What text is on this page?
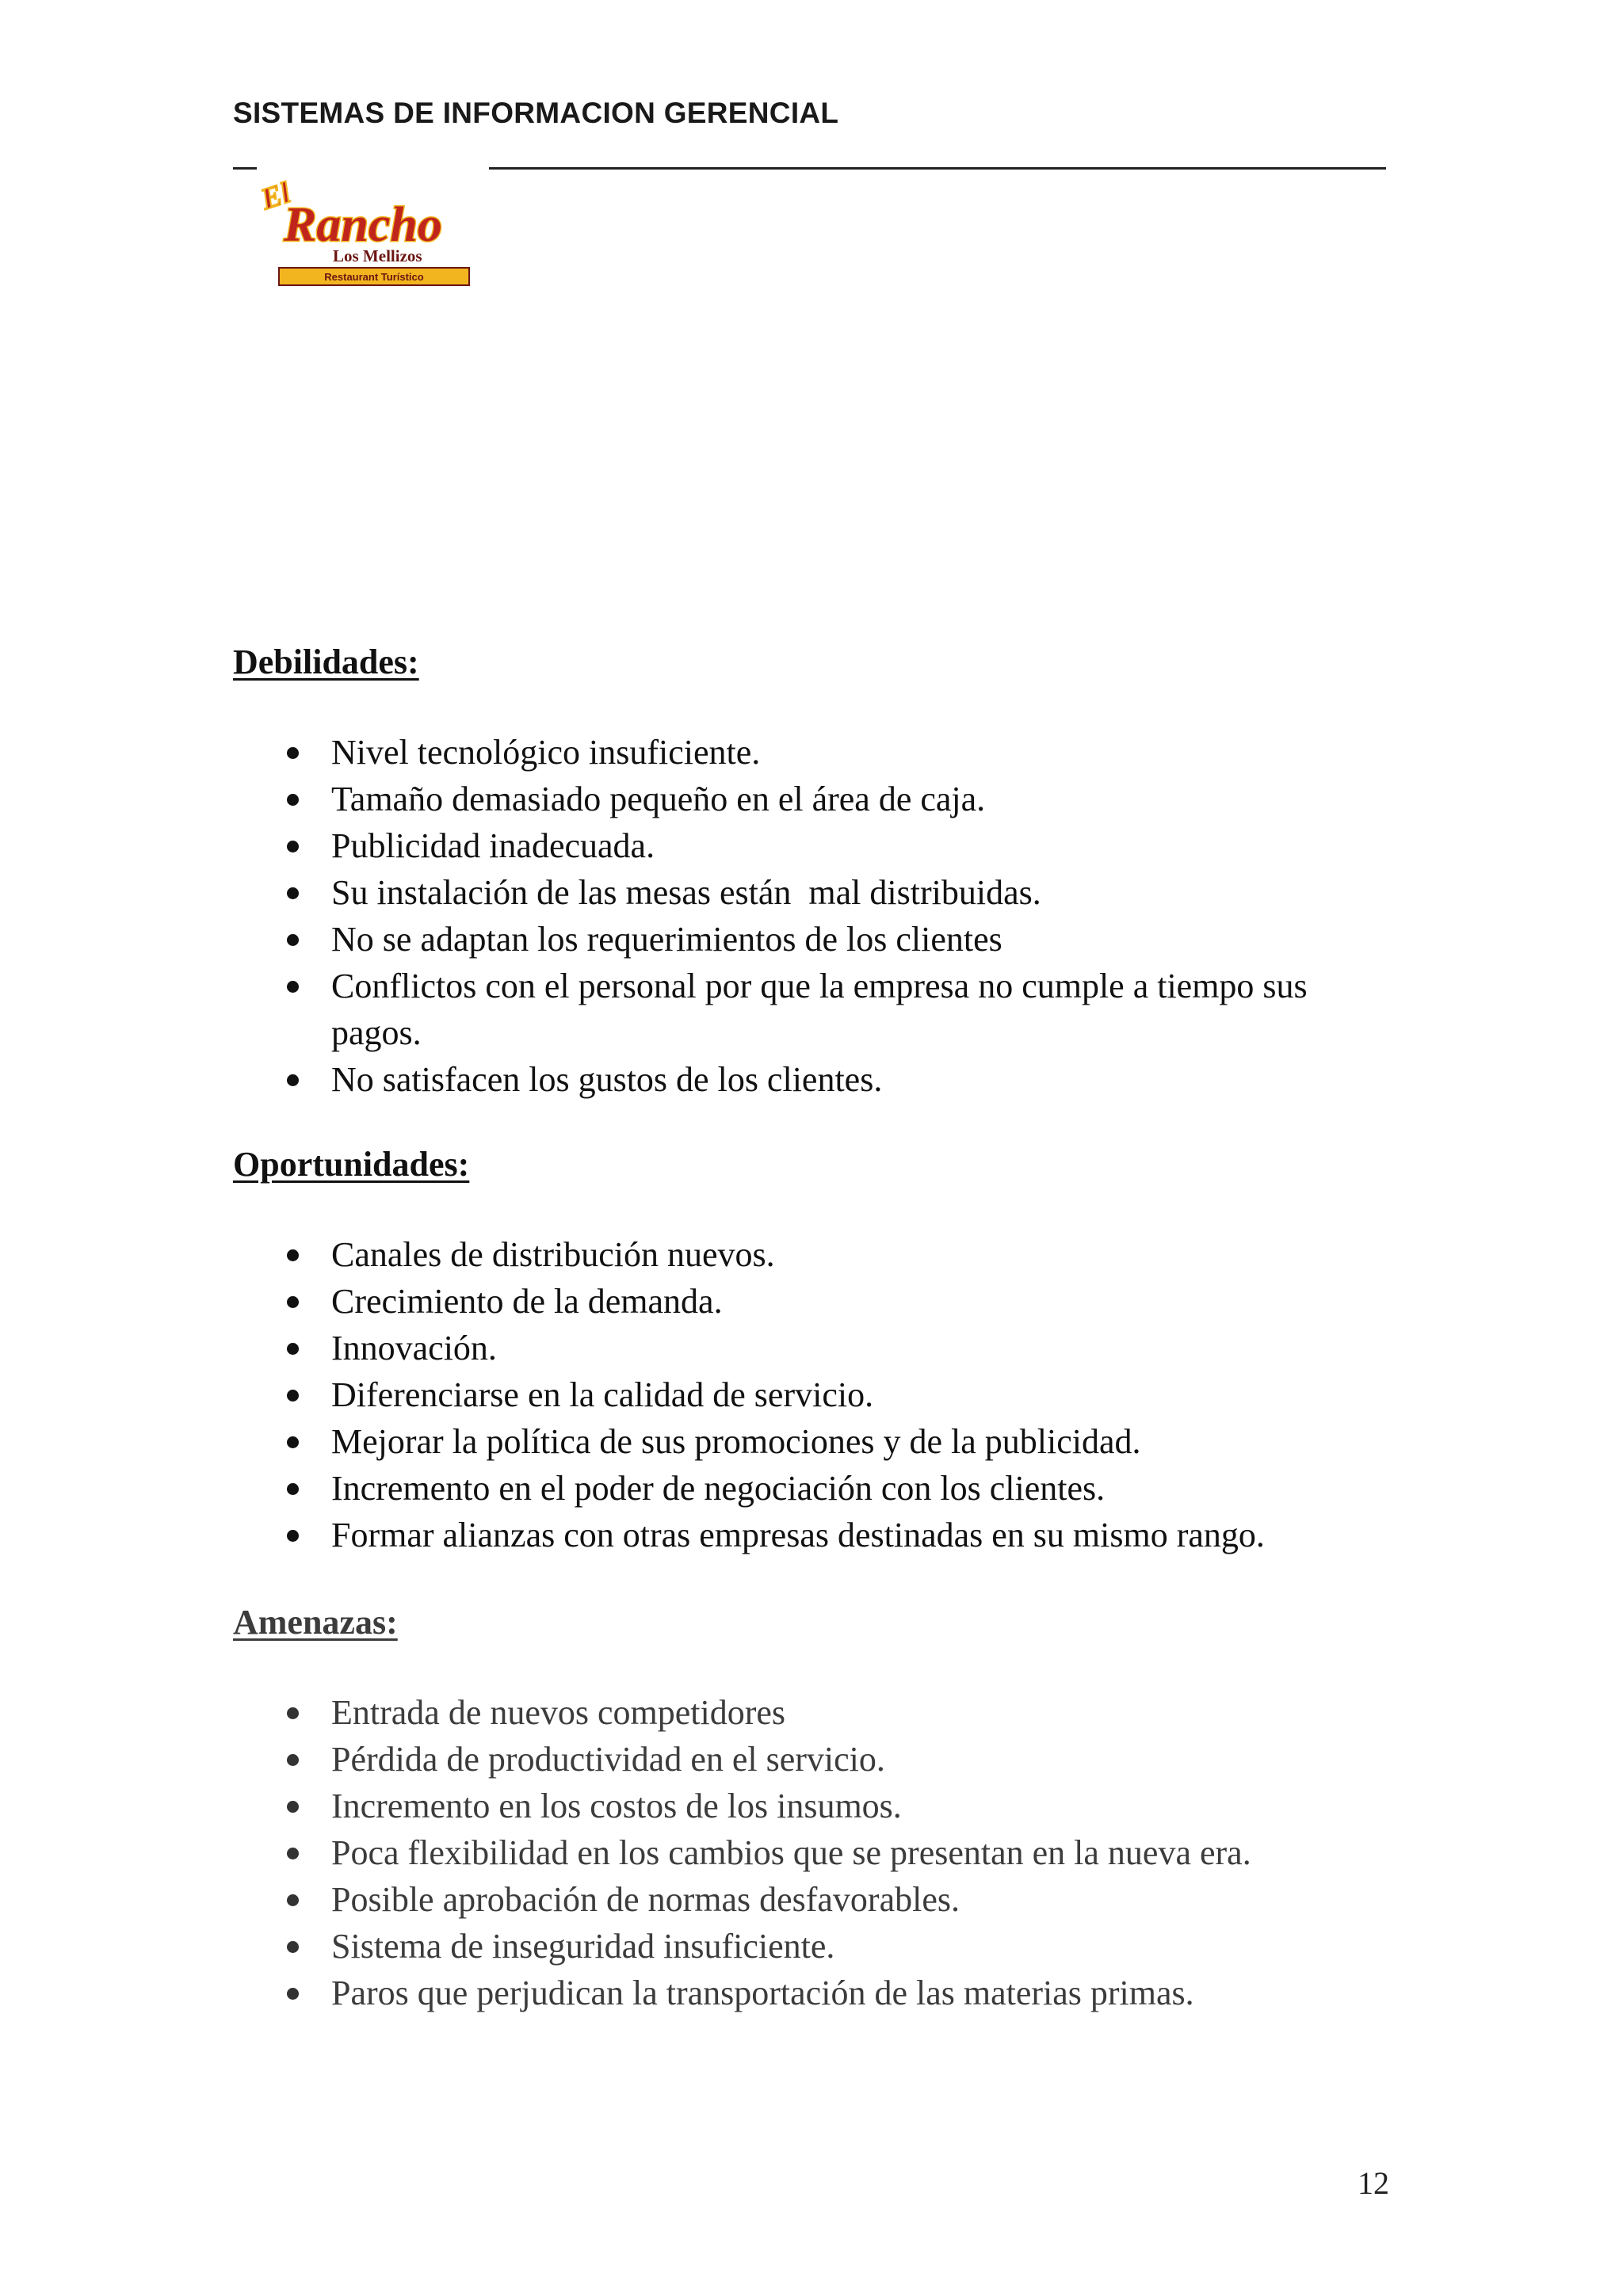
SISTEMAS DE INFORMACION GERENCIAL
El
Rancho
Los Mellizos
Restaurant Turístico
Debilidades:
Nivel tecnológico insuficiente.
Tamaño demasiado pequeño en el área de caja.
Publicidad inadecuada.
Su instalación de las mesas están  mal distribuidas.
No se adaptan los requerimientos de los clientes
Conflictos con el personal por que la empresa no cumple a tiempo sus pagos.
No satisfacen los gustos de los clientes.
Oportunidades:
Canales de distribución nuevos.
Crecimiento de la demanda.
Innovación.
Diferenciarse en la calidad de servicio.
Mejorar la política de sus promociones y de la publicidad.
Incremento en el poder de negociación con los clientes.
Formar alianzas con otras empresas destinadas en su mismo rango.
Amenazas:
Entrada de nuevos competidores
Pérdida de productividad en el servicio.
Incremento en los costos de los insumos.
Poca flexibilidad en los cambios que se presentan en la nueva era.
Posible aprobación de normas desfavorables.
Sistema de inseguridad insuficiente.
Paros que perjudican la transportación de las materias primas.
12
